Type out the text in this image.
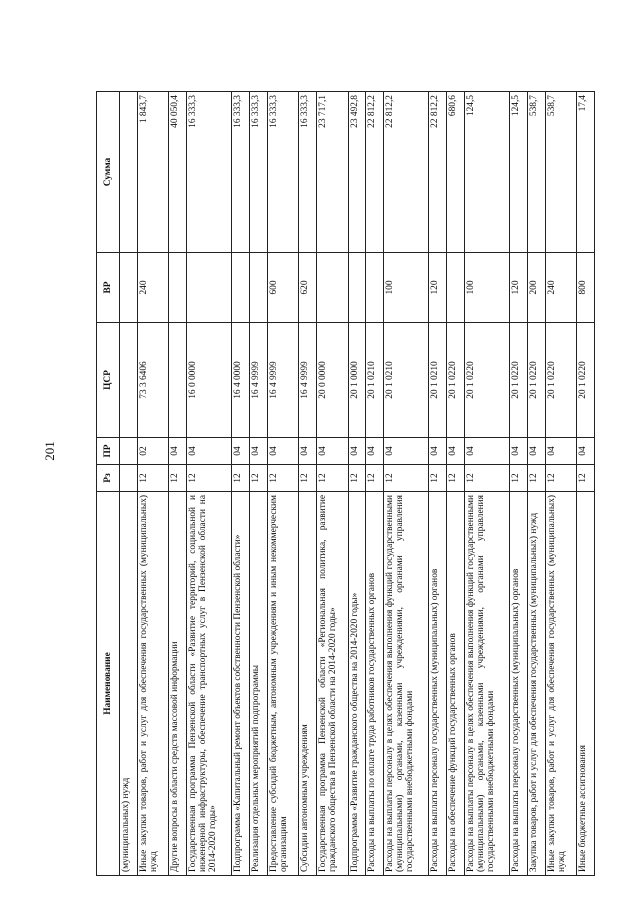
201
Наименование	Рз	ПР	ЦСР	ВР	Сумма
(муниципальных) нужд					
Иные закупки товаров, работ и услуг для обеспечения государственных (муниципальных) нужд	12	02	73 3 6406	240	1 843,7
Другие вопросы в области средств массовой информации	12	04			40 050,4
Государственная программа Пензенской области «Развитие территорий, социальной и инженерной инфраструктуры, обеспечение транспортных услуг в Пензенской области на 2014-2020 годы»	12	04	16 0 0000		16 333,3
Подпрограмма «Капитальный ремонт объектов собственности Пензенской области»	12	04	16 4 0000		16 333,3
Реализация отдельных мероприятий подпрограммы	12	04	16 4 9999		16 333,3
Предоставление субсидий бюджетным, автономным учреждениям и иным некоммерческим организациям	12	04	16 4 9999	600	16 333,3
Субсидии автономным учреждениям	12	04	16 4 9999	620	16 333,3
Государственная программа Пензенской области «Региональная политика, развитие гражданского общества в Пензенской области на 2014-2020 годы»	12	04	20 0 0000		23 717,1
Подпрограмма «Развитие гражданского общества на 2014-2020 годы»	12	04	20 1 0000		23 492,8
Расходы на выплаты по оплате труда работников государственных органов	12	04	20 1 0210		22 812,2
Расходы на выплаты персоналу в целях обеспечения выполнения функций государственными (муниципальными) органами, казенными учреждениями, органами управления государственными внебюджетными фондами	12	04	20 1 0210	100	22 812,2
Расходы на выплаты персоналу государственных (муниципальных) органов	12	04	20 1 0210	120	22 812,2
Расходы на обеспечение функций государственных органов	12	04	20 1 0220		680,6
Расходы на выплаты персоналу в целях обеспечения выполнения функций государственными (муниципальными) органами, казенными учреждениями, органами управления государственными внебюджетными фондами	12	04	20 1 0220	100	124,5
Расходы на выплаты персоналу государственных (муниципальных) органов	12	04	20 1 0220	120	124,5
Закупка товаров, работ и услуг для обеспечения государственных (муниципальных) нужд	12	04	20 1 0220	200	538,7
Иные закупки товаров, работ и услуг для обеспечения государственных (муниципальных) нужд	12	04	20 1 0220	240	538,7
Иные бюджетные ассигнования	12	04	20 1 0220	800	17,4
